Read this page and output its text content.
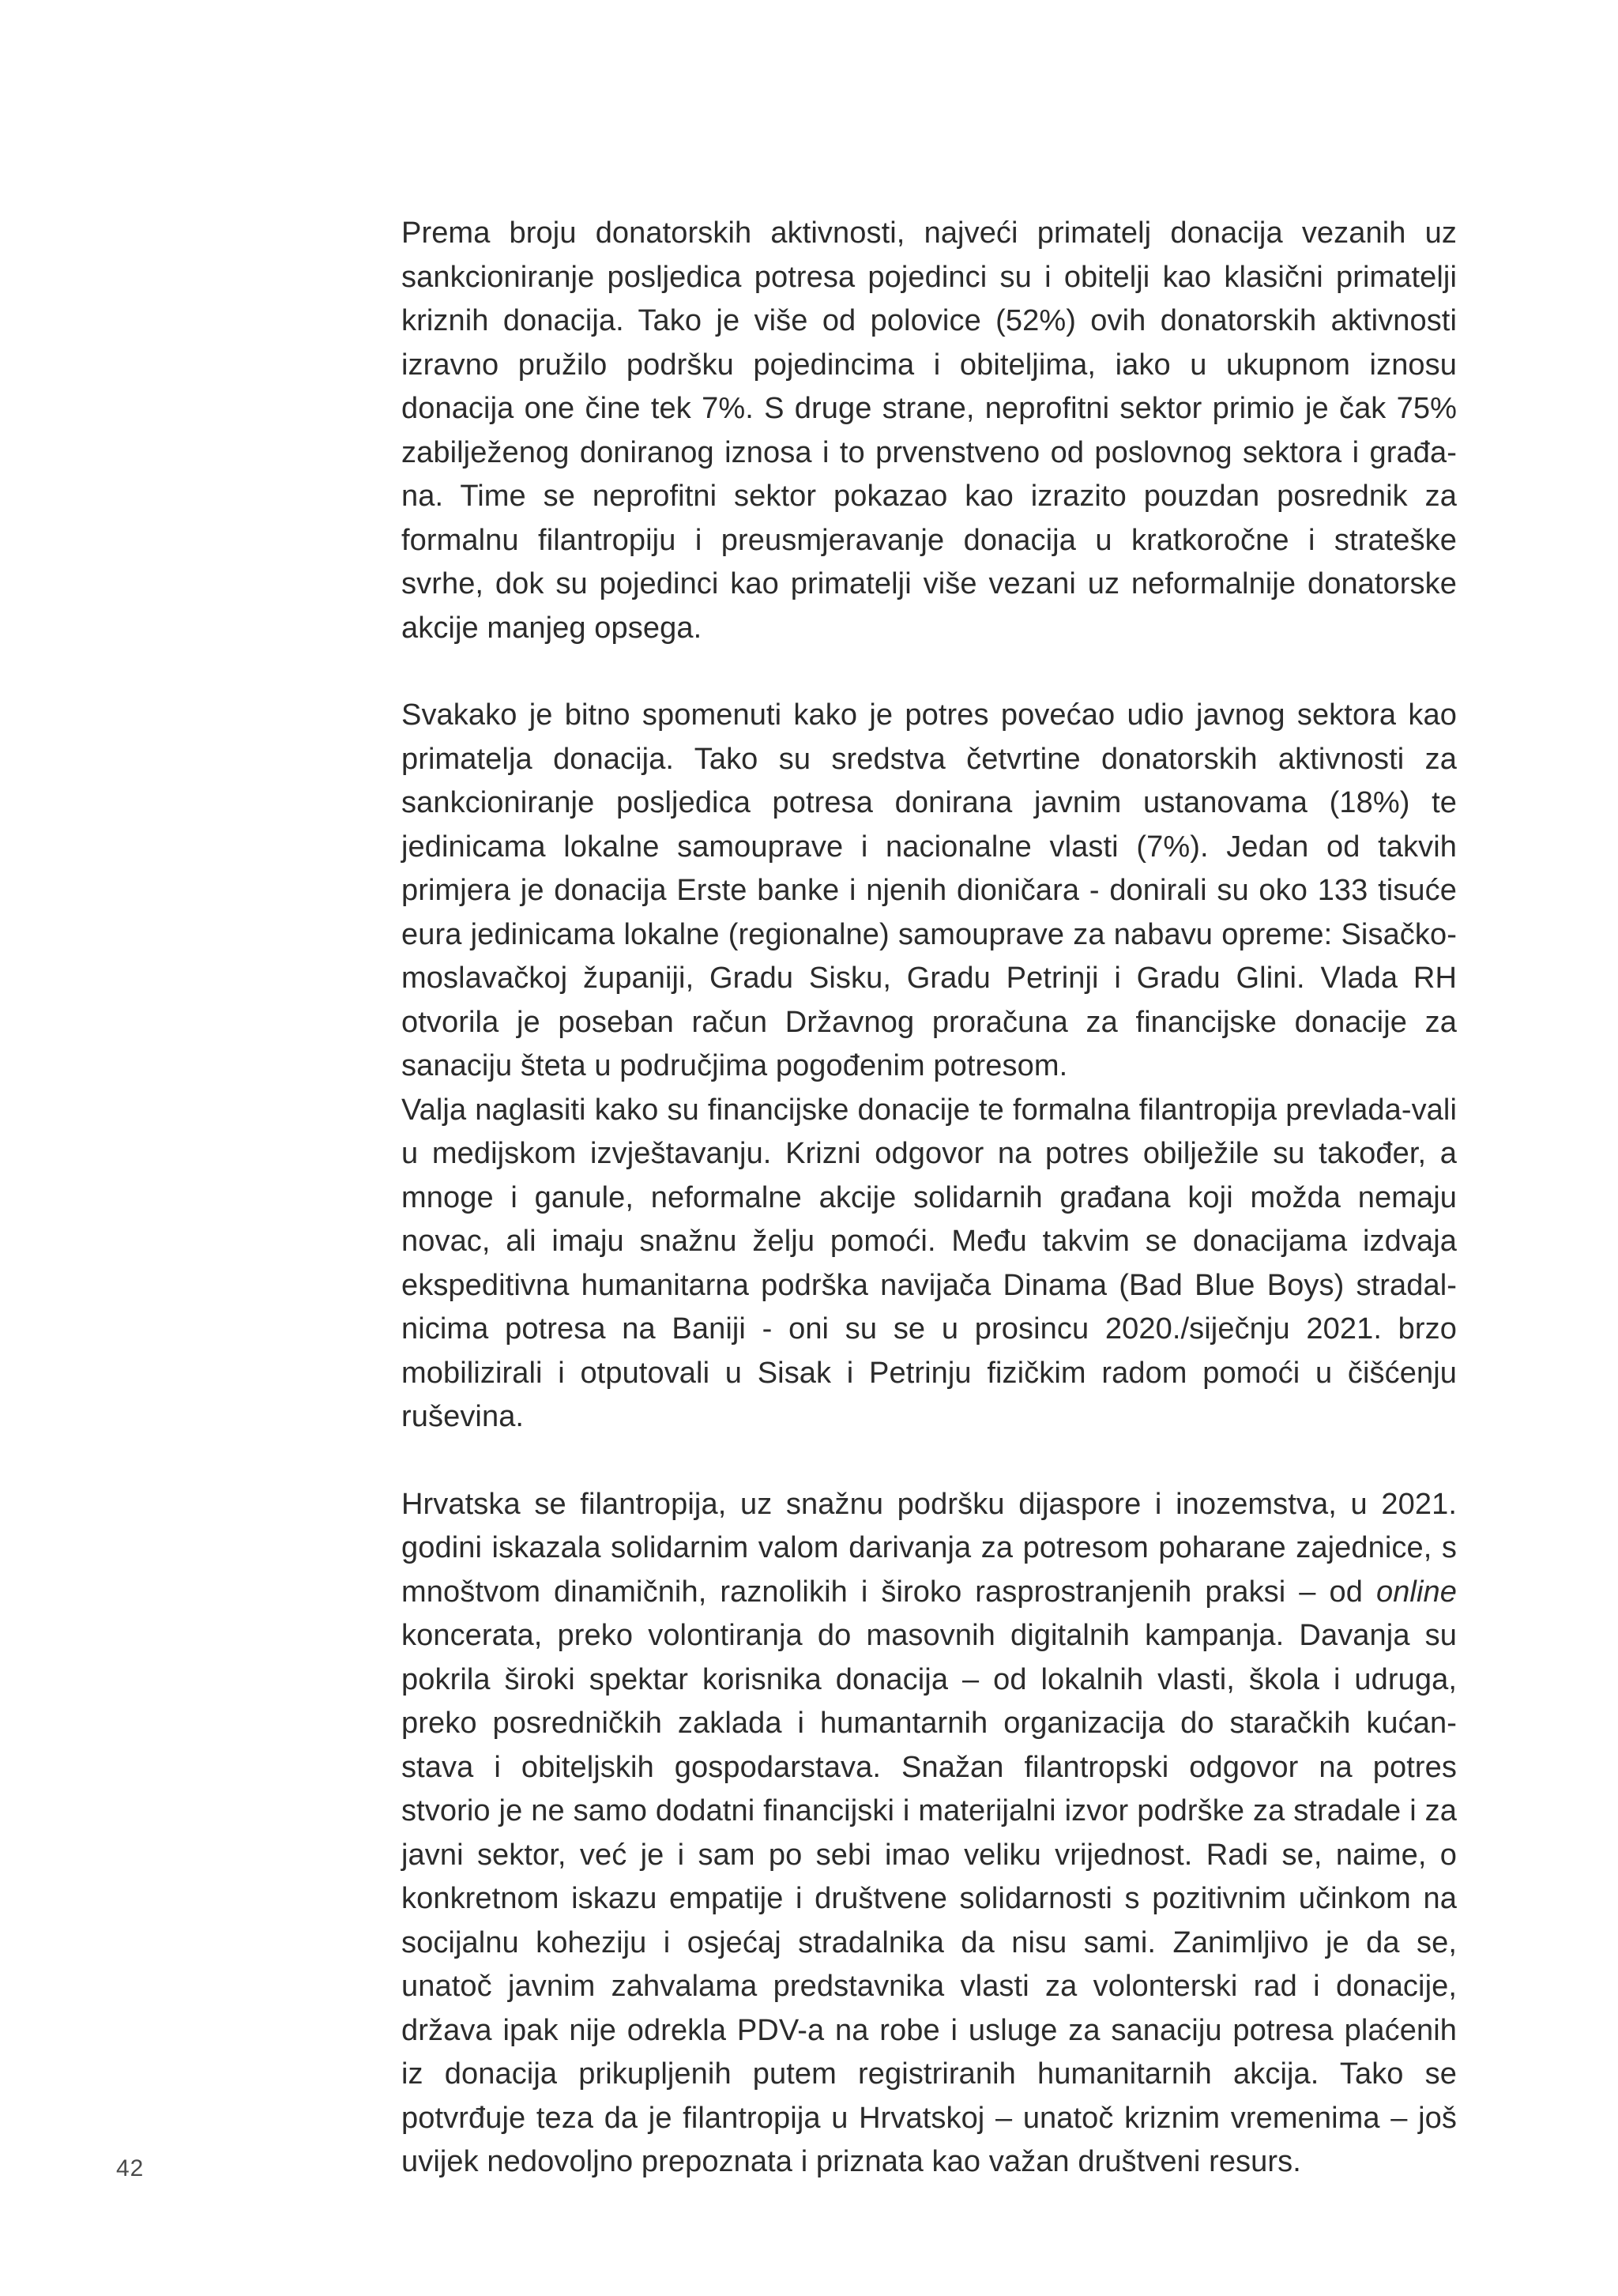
Prema broju donatorskih aktivnosti, najveći primatelj donacija vezanih uz sankcioniranje posljedica potresa pojedinci su i obitelji kao klasični primatelji kriznih donacija. Tako je više od polovice (52%) ovih donatorskih aktivnosti izravno pružilo podršku pojedincima i obiteljima, iako u ukupnom iznosu donacija one čine tek 7%. S druge strane, neprofitni sektor primio je čak 75% zabilježenog doniranog iznosa i to prvenstveno od poslovnog sektora i građa-na. Time se neprofitni sektor pokazao kao izrazito pouzdan posrednik za formalnu filantropiju i preusmjeravanje donacija u kratkoročne i strateške svrhe, dok su pojedinci kao primatelji više vezani uz neformalnije donatorske akcije manjeg opsega.

Svakako je bitno spomenuti kako je potres povećao udio javnog sektora kao primatelja donacija. Tako su sredstva četvrtine donatorskih aktivnosti za sankcioniranje posljedica potresa donirana javnim ustanovama (18%) te jedinicama lokalne samouprave i nacionalne vlasti (7%). Jedan od takvih primjera je donacija Erste banke i njenih dioničara - donirali su oko 133 tisuće eura jedinicama lokalne (regionalne) samouprave za nabavu opreme: Sisačko-moslavačkoj županiji, Gradu Sisku, Gradu Petrinji i Gradu Glini. Vlada RH otvorila je poseban račun Državnog proračuna za financijske donacije za sanaciju šteta u područjima pogođenim potresom.

Valja naglasiti kako su financijske donacije te formalna filantropija prevlada-vali u medijskom izvještavanju. Krizni odgovor na potres obilježile su također, a mnoge i ganule, neformalne akcije solidarnih građana koji možda nemaju novac, ali imaju snažnu želju pomoći. Među takvim se donacijama izdvaja ekspeditivna humanitarna podrška navijača Dinama (Bad Blue Boys) stradal-nicima potresa na Baniji - oni su se u prosincu 2020./siječnju 2021. brzo mobilizirali i otputovali u Sisak i Petrinju fizičkim radom pomoći u čišćenju ruševina.

Hrvatska se filantropija, uz snažnu podršku dijaspore i inozemstva, u 2021. godini iskazala solidarnim valom darivanja za potresom poharane zajednice, s mnoštvom dinamičnih, raznolikih i široko rasprostranjenih praksi – od online koncerata, preko volontiranja do masovnih digitalnih kampanja. Davanja su pokrila široki spektar korisnika donacija – od lokalnih vlasti, škola i udruga, preko posredničkih zaklada i humantarnih organizacija do staračkih kućan-stava i obiteljskih gospodarstava. Snažan filantropski odgovor na potres stvorio je ne samo dodatni financijski i materijalni izvor podrške za stradale i za javni sektor, već je i sam po sebi imao veliku vrijednost. Radi se, naime, o konkretnom iskazu empatije i društvene solidarnosti s pozitivnim učinkom na socijalnu koheziju i osjećaj stradalnika da nisu sami. Zanimljivo je da se, unatoč javnim zahvalama predstavnika vlasti za volonterski rad i donacije, država ipak nije odrekla PDV-a na robe i usluge za sanaciju potresa plaćenih iz donacija prikupljenih putem registriranih humanitarnih akcija. Tako se potvrđuje teza da je filantropija u Hrvatskoj – unatoč kriznim vremenima – još uvijek nedovoljno prepoznata i priznata kao važan društveni resurs.

42
